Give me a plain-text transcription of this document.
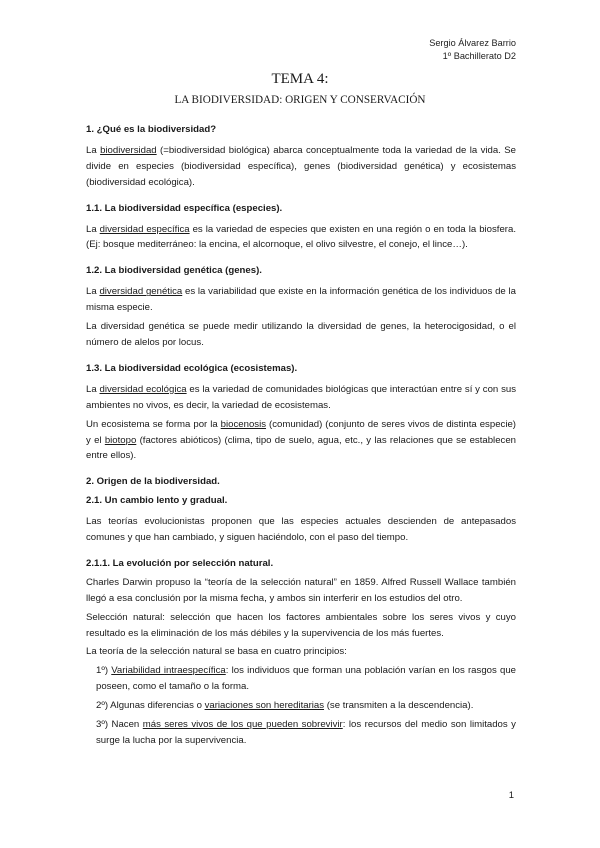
Sergio Álvarez Barrio
1º Bachillerato D2
TEMA 4:
LA BIODIVERSIDAD: ORIGEN Y CONSERVACIÓN

1. ¿Qué es la biodiversidad?

La biodiversidad (=biodiversidad biológica) abarca conceptualmente toda la variedad de la vida. Se divide en especies (biodiversidad específica), genes (biodiversidad genética) y ecosistemas (biodiversidad ecológica).

1.1. La biodiversidad específica (especies).

La diversidad específica es la variedad de especies que existen en una región o en toda la biosfera. (Ej: bosque mediterráneo: la encina, el alcornoque, el olivo silvestre, el conejo, el lince…).

1.2. La biodiversidad genética (genes).

La diversidad genética es la variabilidad que existe en la información genética de los individuos de la misma especie.

La diversidad genética se puede medir utilizando la diversidad de genes, la heterocigosidad, o el número de alelos por locus.

1.3. La biodiversidad ecológica (ecosistemas).

La diversidad ecológica es la variedad de comunidades biológicas que interactúan entre sí y con sus ambientes no vivos, es decir, la variedad de ecosistemas.

Un ecosistema se forma por la biocenosis (comunidad) (conjunto de seres vivos de distinta especie) y el biotopo (factores abióticos) (clima, tipo de suelo, agua, etc., y las relaciones que se establecen entre ellos).

2. Origen de la biodiversidad.

2.1. Un cambio lento y gradual.

Las teorías evolucionistas proponen que las especies actuales descienden de antepasados comunes y que han cambiado, y siguen haciéndolo, con el paso del tiempo.

2.1.1. La evolución por selección natural.

Charles Darwin propuso la “teoría de la selección natural” en 1859. Alfred Russell Wallace también llegó a esa conclusión por la misma fecha, y ambos sin interferir en los estudios del otro.

Selección natural: selección que hacen los factores ambientales sobre los seres vivos y cuyo resultado es la eliminación de los más débiles y la supervivencia de los más fuertes.

La teoría de la selección natural se basa en cuatro principios:

1º) Variabilidad intraespecífica: los individuos que forman una población varían en los rasgos que poseen, como el tamaño o la forma.

2º) Algunas diferencias o variaciones son hereditarias (se transmiten a la descendencia).

3º) Nacen más seres vivos de los que pueden sobrevivir: los recursos del medio son limitados y surge la lucha por la supervivencia.

1
